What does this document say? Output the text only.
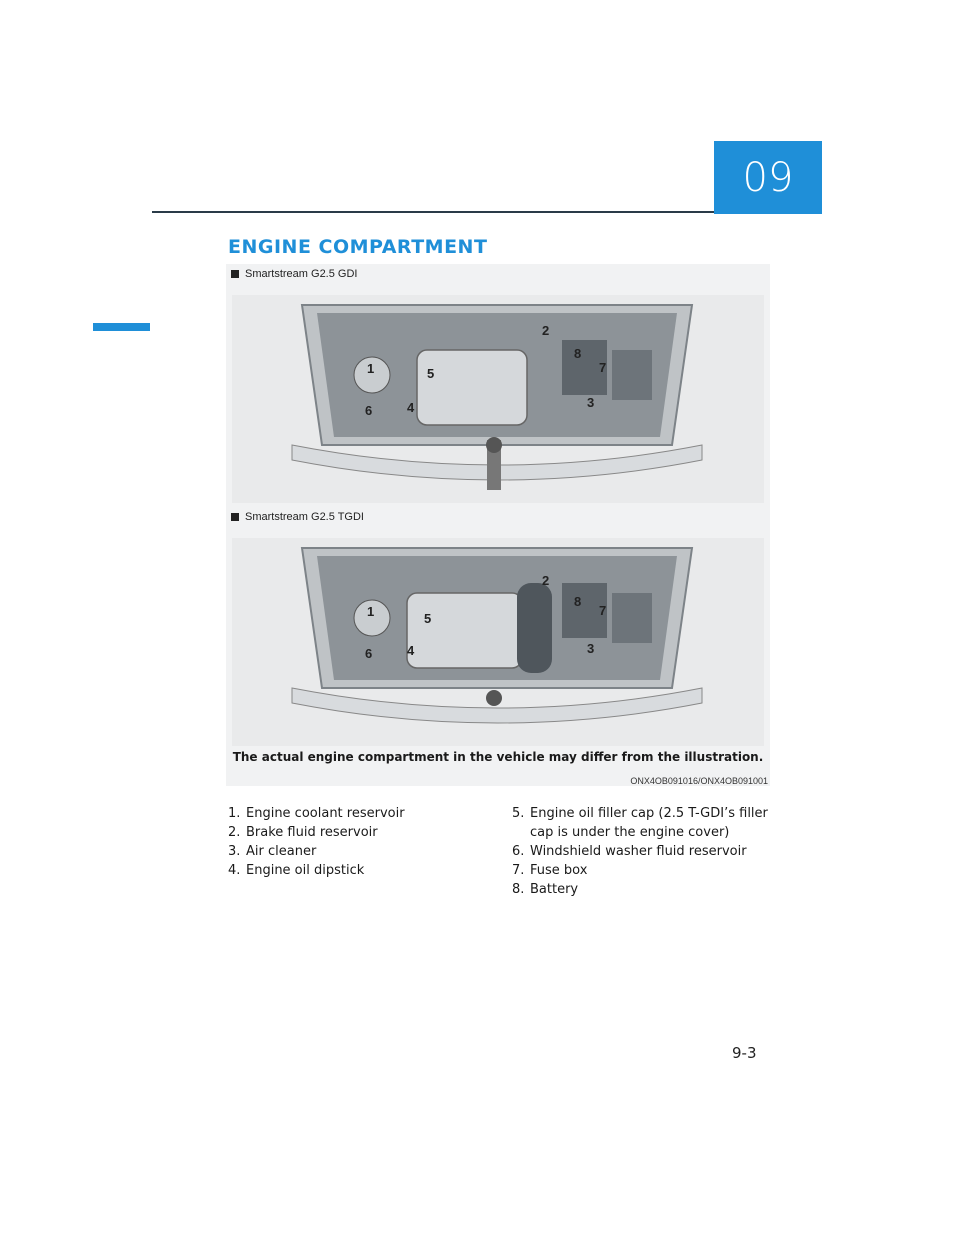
09
ENGINE COMPARTMENT
Smartstream G2.5 GDI
1
2
3
4
5
6
7
8
Smartstream G2.5 TGDI
1
2
3
4
5
6
7
8
The actual engine compartment in the vehicle may differ from the illustration.
ONX4OB091016/ONX4OB091001
1. Engine coolant reservoir
2. Brake fluid reservoir
3. Air cleaner
4. Engine oil dipstick
5. Engine oil filler cap (2.5 T-GDI’s filler cap is under the engine cover)
6. Windshield washer fluid reservoir
7. Fuse box
8. Battery
9-3
